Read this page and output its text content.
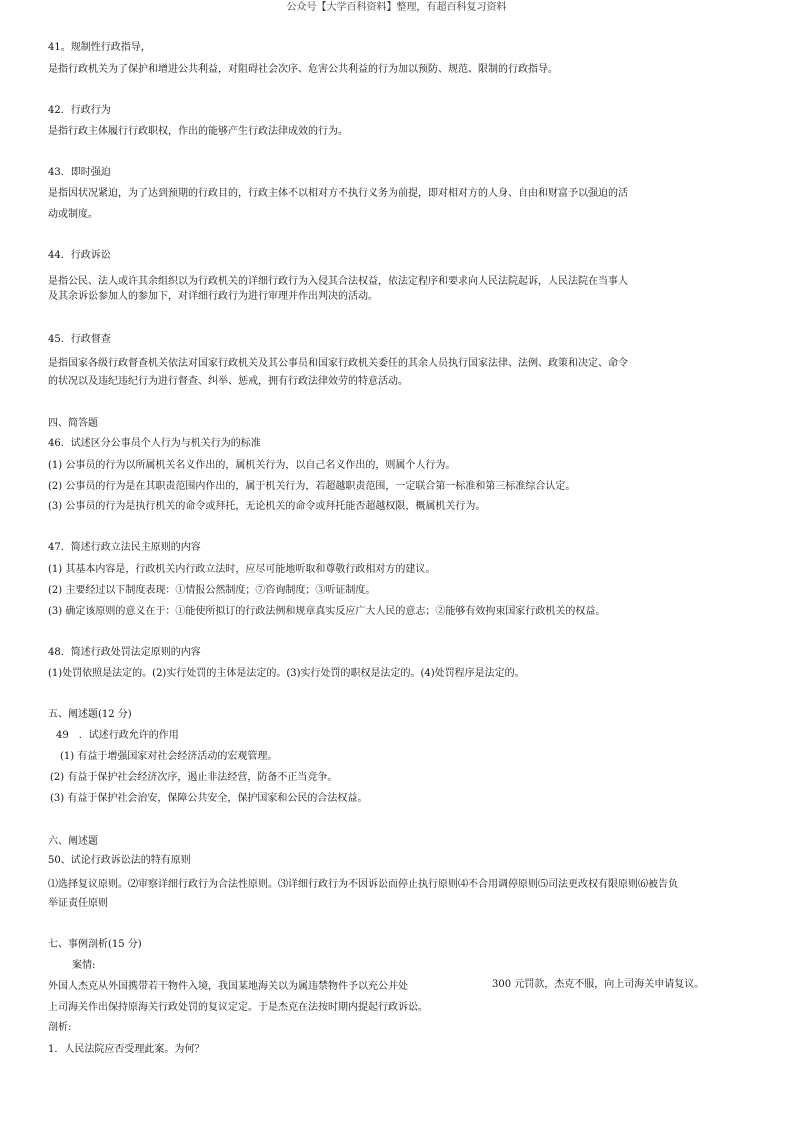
公众号【大学百科资料】整理，有超百科复习资料
41。规制性行政指导，
是指行政机关为了保护和增进公共利益，对阻碍社会次序、危害公共利益的行为加以预防、规范、限制的行政指导。
42．行政行为
是指行政主体履行行政职权，作出的能够产生行政法律成效的行为。
43．即时强迫
是指因状况紧迫，为了达到预期的行政目的，行政主体不以相对方不执行义务为前提，即对相对方的人身、自由和财富予以强迫的活
动或制度。
44．行政诉讼
是指公民、法人或许其余组织以为行政机关的详细行政行为入侵其合法权益，依法定程序和要求向人民法院起诉，人民法院在当事人
及其余诉讼参加人的参加下，对详细行政行为进行审理并作出判决的活动。
45．行政督查
是指国家各级行政督查机关依法对国家行政机关及其公事员和国家行政机关委任的其余人员执行国家法律、法例、政策和决定、命令
的状况以及违纪违纪行为进行督查、纠举、惩戒，拥有行政法律效劳的特意活动。
四、简答题
46．试述区分公事员个人行为与机关行为的标准
(1) 公事员的行为以所属机关名义作出的，属机关行为，以自己名义作出的，则属个人行为。
(2) 公事员的行为是在其职责范围内作出的，属于机关行为，若超越职责范围，一定联合第一标准和第三标准综合认定。
(3) 公事员的行为是执行机关的命令或拜托，无论机关的命令或拜托能否超越权限，概属机关行为。
47．简述行政立法民主原则的内容
(1) 其基本内容是，行政机关内行政立法时，应尽可能地听取和尊敬行政相对方的建议。
(2) 主要经过以下制度表现：①情报公然制度；⑦咨询制度；③听证制度。
(3) 确定该原则的意义在于：①能使所拟订的行政法例和规章真实反应广大人民的意志；②能够有效拘束国家行政机关的权益。
48．简述行政处罚法定原则的内容
(1)处罚依照是法定的。(2)实行处罚的主体是法定的。(3)实行处罚的职权是法定的。(4)处罚程序是法定的。
五、阐述题(12 分)
49　．试述行政允许的作用
(1) 有益于增强国家对社会经济活动的宏观管理。
(2) 有益于保护社会经济次序，遏止非法经营，防备不正当竞争。
(3) 有益于保护社会治安，保障公共安全，保护国家和公民的合法权益。
六、阐述题
50、试论行政诉讼法的特有原则
⑴选择复议原则。⑵审察详细行政行为合法性原则。⑶详细行政行为不因诉讼而停止执行原则⑷不合用调停原则⑸司法更改权有限原则⑹被告负
举证责任原则
七、事例剖析(15 分)
案情:
外国人杰克从外国携带若干物件入境，我国某地海关以为属违禁物件予以充公并处	300 元罚款，杰克不服，向上司海关申请复议。
上司海关作出保持原海关行政处罚的复议定定。于是杰克在法按时期内提起行政诉讼。
剖析:
1．人民法院应否受理此案。为何？
